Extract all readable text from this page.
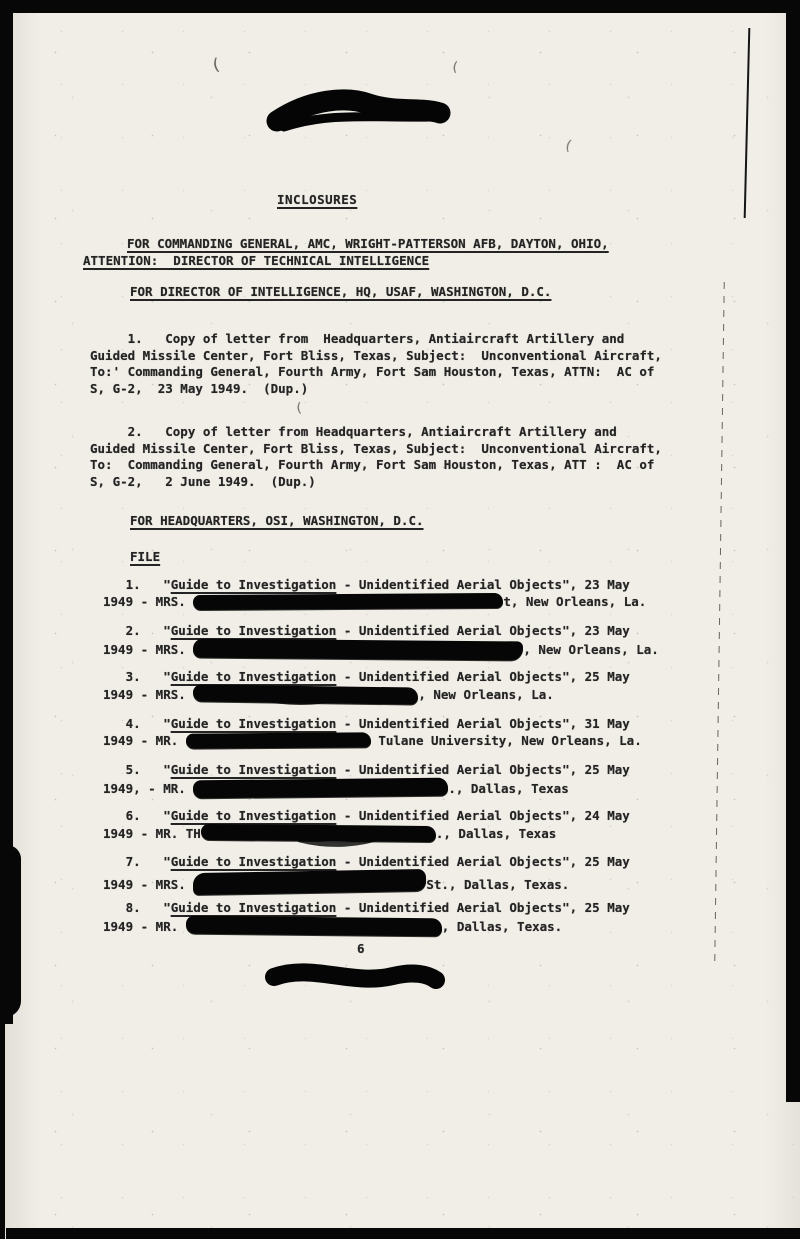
(	(
(
(
INCLOSURES
FOR COMMANDING GENERAL, AMC, WRIGHT-PATTERSON AFB, DAYTON, OHIO,
ATTENTION:  DIRECTOR OF TECHNICAL INTELLIGENCE
FOR DIRECTOR OF INTELLIGENCE, HQ, USAF, WASHINGTON, D.C.
1.   Copy of letter from  Headquarters, Antiaircraft Artillery and
Guided Missile Center, Fort Bliss, Texas, Subject:  Unconventional Aircraft,
To:' Commanding General, Fourth Army, Fort Sam Houston, Texas, ATTN:  AC of
S, G-2,  23 May 1949.  (Dup.)
2.   Copy of letter from Headquarters, Antiaircraft Artillery and
Guided Missile Center, Fort Bliss, Texas, Subject:  Unconventional Aircraft,
To:  Commanding General, Fourth Army, Fort Sam Houston, Texas, ATT :  AC of
S, G-2,   2 June 1949.  (Dup.)
FOR HEADQUARTERS, OSI, WASHINGTON, D.C.
FILE
1.   "Guide to Investigation - Unidentified Aerial Objects", 23 May
1949 - MRS.	t, New Orleans, La.
2.   "Guide to Investigation - Unidentified Aerial Objects", 23 May
1949 - MRS.	, New Orleans, La.
3.   "Guide to Investigation - Unidentified Aerial Objects", 25 May
1949 - MRS.	, New Orleans, La.
4.   "Guide to Investigation - Unidentified Aerial Objects", 31 May
1949 - MR.	Tulane University, New Orleans, La.
5.   "Guide to Investigation - Unidentified Aerial Objects", 25 May
1949, - MR.	., Dallas, Texas
6.   "Guide to Investigation - Unidentified Aerial Objects", 24 May
1949 - MR. TH	., Dallas, Texas
7.   "Guide to Investigation - Unidentified Aerial Objects", 25 May
1949 - MRS.	St., Dallas, Texas.
8.   "Guide to Investigation - Unidentified Aerial Objects", 25 May
1949 - MR.	, Dallas, Texas.
6
